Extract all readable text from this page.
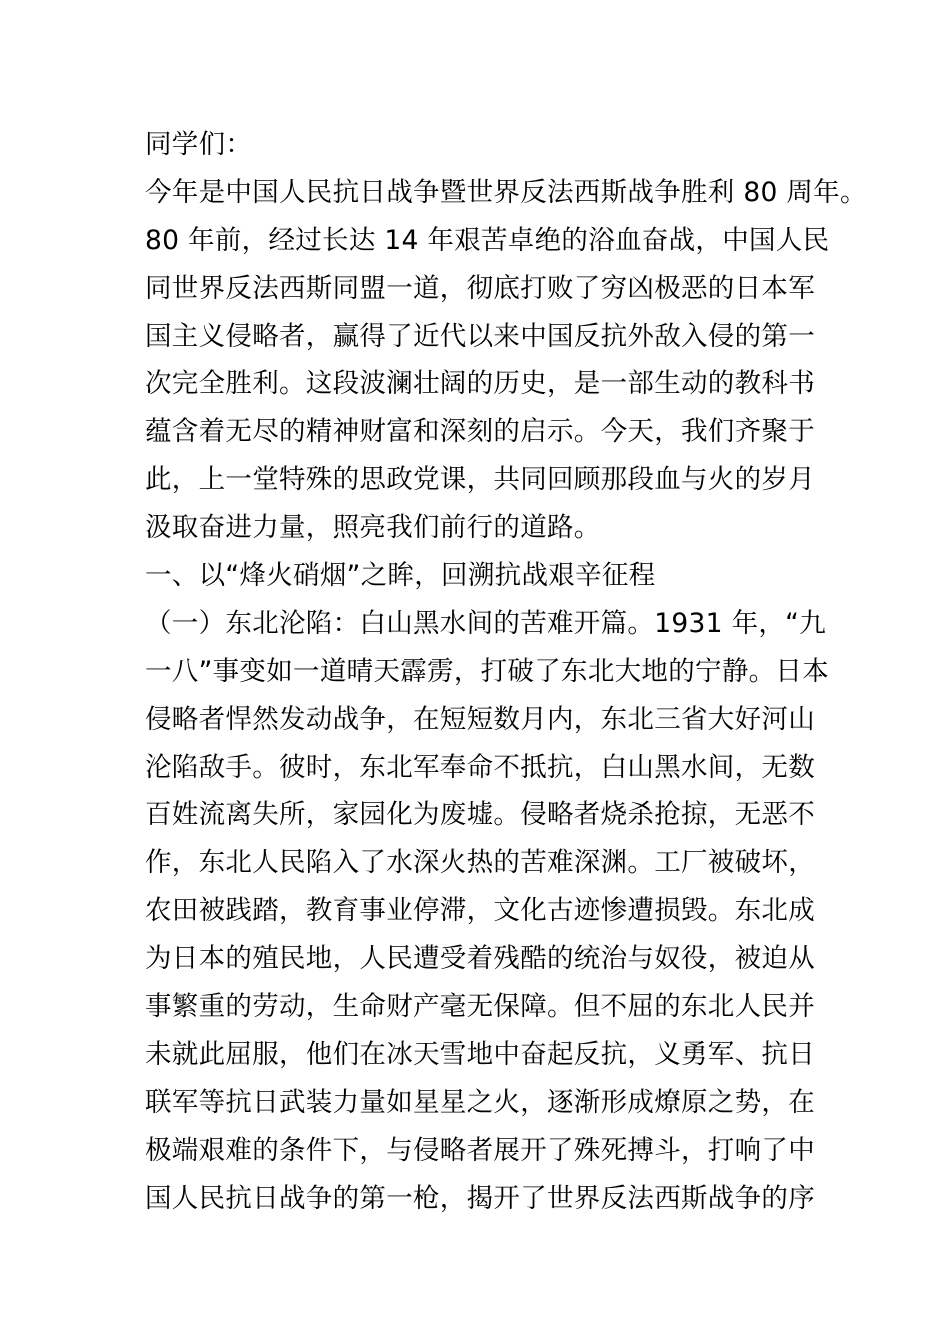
同学们：
今年是中国人民抗日战争暨世界反法西斯战争胜利 80 周年。
80 年前，经过长达 14 年艰苦卓绝的浴血奋战，中国人民
同世界反法西斯同盟一道，彻底打败了穷凶极恶的日本军
国主义侵略者，赢得了近代以来中国反抗外敌入侵的第一
次完全胜利。这段波澜壮阔的历史，是一部生动的教科书
蕴含着无尽的精神财富和深刻的启示。今天，我们齐聚于
此，上一堂特殊的思政党课，共同回顾那段血与火的岁月
汲取奋进力量，照亮我们前行的道路。
一、以“烽火硝烟”之眸，回溯抗战艰辛征程
（一）东北沦陷：白山黑水间的苦难开篇。1931 年，“九
一八”事变如一道晴天霹雳，打破了东北大地的宁静。日本
侵略者悍然发动战争，在短短数月内，东北三省大好河山
沦陷敌手。彼时，东北军奉命不抵抗，白山黑水间，无数
百姓流离失所，家园化为废墟。侵略者烧杀抢掠，无恶不
作，东北人民陷入了水深火热的苦难深渊。工厂被破坏，
农田被践踏，教育事业停滞，文化古迹惨遭损毁。东北成
为日本的殖民地，人民遭受着残酷的统治与奴役，被迫从
事繁重的劳动，生命财产毫无保障。但不屈的东北人民并
未就此屈服，他们在冰天雪地中奋起反抗，义勇军、抗日
联军等抗日武装力量如星星之火，逐渐形成燎原之势，在
极端艰难的条件下，与侵略者展开了殊死搏斗，打响了中
国人民抗日战争的第一枪，揭开了世界反法西斯战争的序
